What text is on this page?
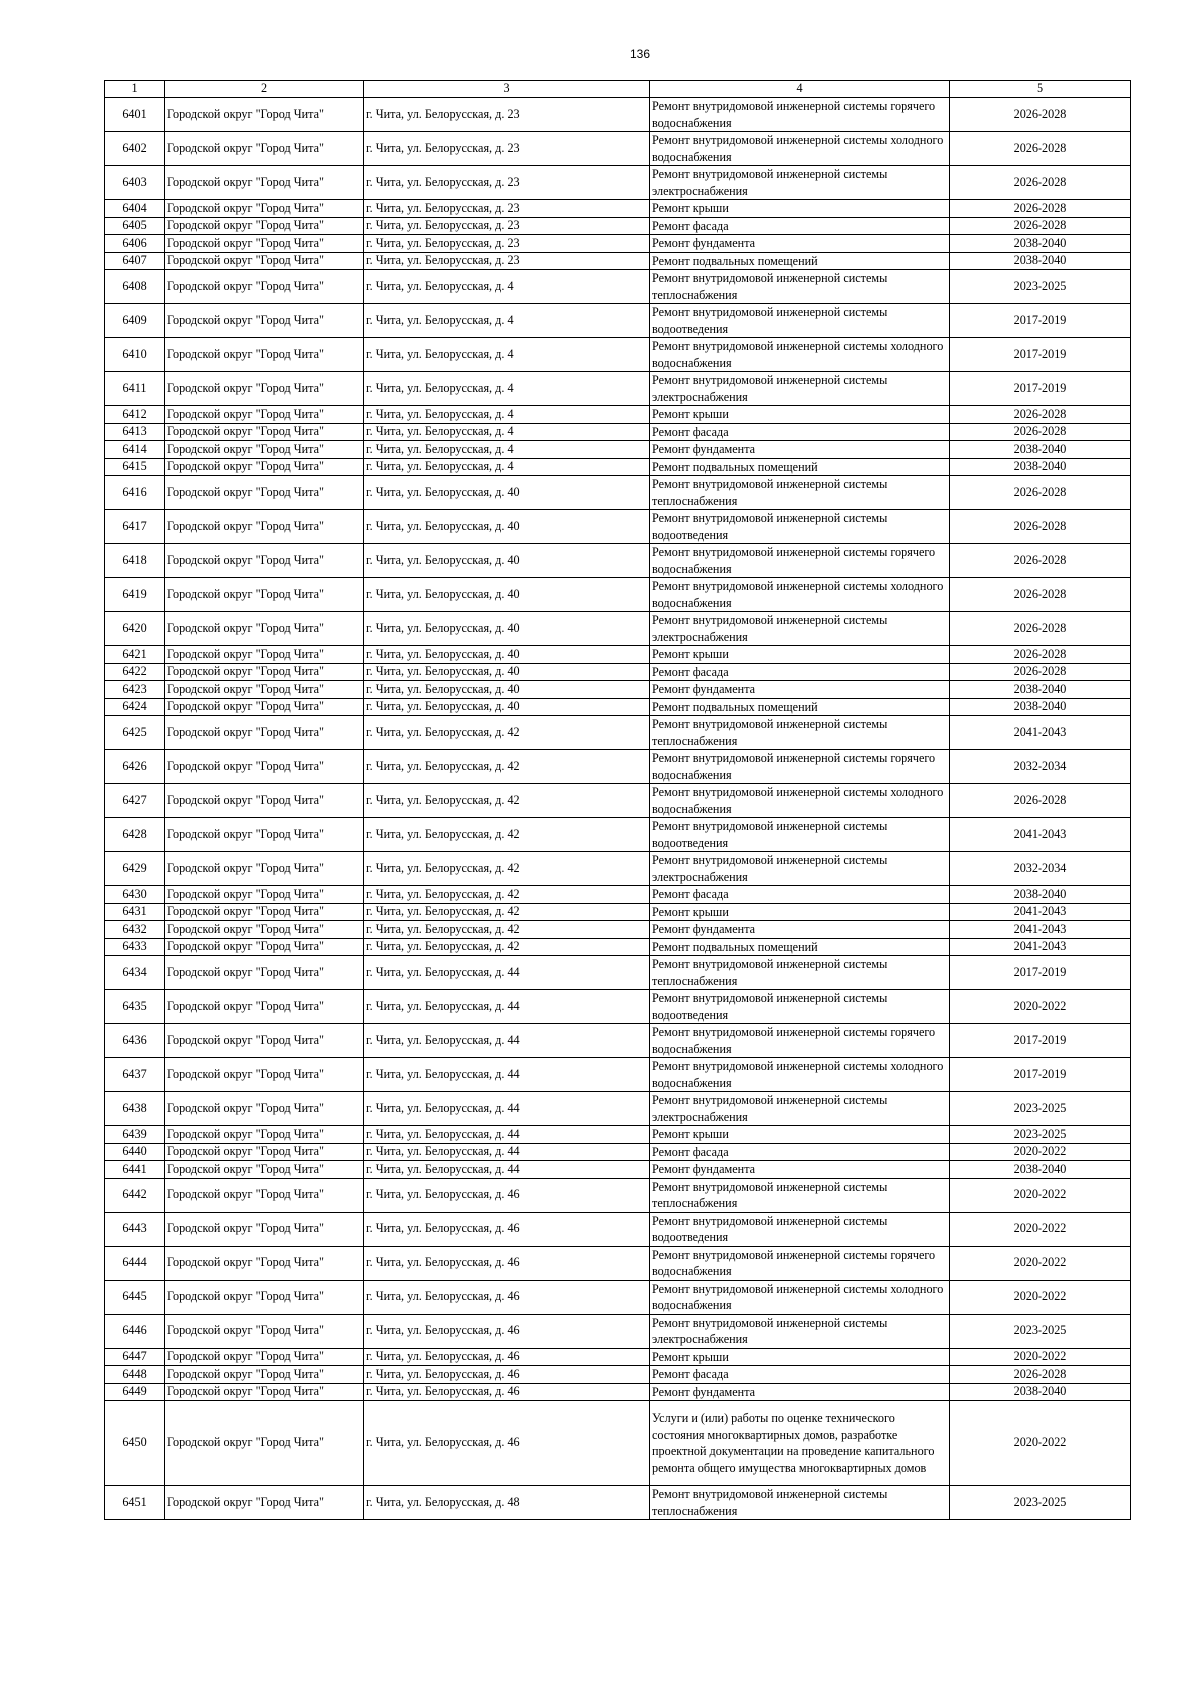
136
1	2	3	4	5
6401	Городской округ "Город Чита"	г. Чита, ул. Белорусская, д. 23	Ремонт внутридомовой инженерной системы горячего водоснабжения	2026-2028
6402	Городской округ "Город Чита"	г. Чита, ул. Белорусская, д. 23	Ремонт внутридомовой инженерной системы холодного водоснабжения	2026-2028
6403	Городской округ "Город Чита"	г. Чита, ул. Белорусская, д. 23	Ремонт внутридомовой инженерной системы электроснабжения	2026-2028
6404	Городской округ "Город Чита"	г. Чита, ул. Белорусская, д. 23	Ремонт крыши	2026-2028
6405	Городской округ "Город Чита"	г. Чита, ул. Белорусская, д. 23	Ремонт фасада	2026-2028
6406	Городской округ "Город Чита"	г. Чита, ул. Белорусская, д. 23	Ремонт фундамента	2038-2040
6407	Городской округ "Город Чита"	г. Чита, ул. Белорусская, д. 23	Ремонт подвальных помещений	2038-2040
6408	Городской округ "Город Чита"	г. Чита, ул. Белорусская, д. 4	Ремонт внутридомовой инженерной системы теплоснабжения	2023-2025
6409	Городской округ "Город Чита"	г. Чита, ул. Белорусская, д. 4	Ремонт внутридомовой инженерной системы водоотведения	2017-2019
6410	Городской округ "Город Чита"	г. Чита, ул. Белорусская, д. 4	Ремонт внутридомовой инженерной системы холодного водоснабжения	2017-2019
6411	Городской округ "Город Чита"	г. Чита, ул. Белорусская, д. 4	Ремонт внутридомовой инженерной системы электроснабжения	2017-2019
6412	Городской округ "Город Чита"	г. Чита, ул. Белорусская, д. 4	Ремонт крыши	2026-2028
6413	Городской округ "Город Чита"	г. Чита, ул. Белорусская, д. 4	Ремонт фасада	2026-2028
6414	Городской округ "Город Чита"	г. Чита, ул. Белорусская, д. 4	Ремонт фундамента	2038-2040
6415	Городской округ "Город Чита"	г. Чита, ул. Белорусская, д. 4	Ремонт подвальных помещений	2038-2040
6416	Городской округ "Город Чита"	г. Чита, ул. Белорусская, д. 40	Ремонт внутридомовой инженерной системы теплоснабжения	2026-2028
6417	Городской округ "Город Чита"	г. Чита, ул. Белорусская, д. 40	Ремонт внутридомовой инженерной системы водоотведения	2026-2028
6418	Городской округ "Город Чита"	г. Чита, ул. Белорусская, д. 40	Ремонт внутридомовой инженерной системы горячего водоснабжения	2026-2028
6419	Городской округ "Город Чита"	г. Чита, ул. Белорусская, д. 40	Ремонт внутридомовой инженерной системы холодного водоснабжения	2026-2028
6420	Городской округ "Город Чита"	г. Чита, ул. Белорусская, д. 40	Ремонт внутридомовой инженерной системы электроснабжения	2026-2028
6421	Городской округ "Город Чита"	г. Чита, ул. Белорусская, д. 40	Ремонт крыши	2026-2028
6422	Городской округ "Город Чита"	г. Чита, ул. Белорусская, д. 40	Ремонт фасада	2026-2028
6423	Городской округ "Город Чита"	г. Чита, ул. Белорусская, д. 40	Ремонт фундамента	2038-2040
6424	Городской округ "Город Чита"	г. Чита, ул. Белорусская, д. 40	Ремонт подвальных помещений	2038-2040
6425	Городской округ "Город Чита"	г. Чита, ул. Белорусская, д. 42	Ремонт внутридомовой инженерной системы теплоснабжения	2041-2043
6426	Городской округ "Город Чита"	г. Чита, ул. Белорусская, д. 42	Ремонт внутридомовой инженерной системы горячего водоснабжения	2032-2034
6427	Городской округ "Город Чита"	г. Чита, ул. Белорусская, д. 42	Ремонт внутридомовой инженерной системы холодного водоснабжения	2026-2028
6428	Городской округ "Город Чита"	г. Чита, ул. Белорусская, д. 42	Ремонт внутридомовой инженерной системы водоотведения	2041-2043
6429	Городской округ "Город Чита"	г. Чита, ул. Белорусская, д. 42	Ремонт внутридомовой инженерной системы электроснабжения	2032-2034
6430	Городской округ "Город Чита"	г. Чита, ул. Белорусская, д. 42	Ремонт фасада	2038-2040
6431	Городской округ "Город Чита"	г. Чита, ул. Белорусская, д. 42	Ремонт крыши	2041-2043
6432	Городской округ "Город Чита"	г. Чита, ул. Белорусская, д. 42	Ремонт фундамента	2041-2043
6433	Городской округ "Город Чита"	г. Чита, ул. Белорусская, д. 42	Ремонт подвальных помещений	2041-2043
6434	Городской округ "Город Чита"	г. Чита, ул. Белорусская, д. 44	Ремонт внутридомовой инженерной системы теплоснабжения	2017-2019
6435	Городской округ "Город Чита"	г. Чита, ул. Белорусская, д. 44	Ремонт внутридомовой инженерной системы водоотведения	2020-2022
6436	Городской округ "Город Чита"	г. Чита, ул. Белорусская, д. 44	Ремонт внутридомовой инженерной системы горячего водоснабжения	2017-2019
6437	Городской округ "Город Чита"	г. Чита, ул. Белорусская, д. 44	Ремонт внутридомовой инженерной системы холодного водоснабжения	2017-2019
6438	Городской округ "Город Чита"	г. Чита, ул. Белорусская, д. 44	Ремонт внутридомовой инженерной системы электроснабжения	2023-2025
6439	Городской округ "Город Чита"	г. Чита, ул. Белорусская, д. 44	Ремонт крыши	2023-2025
6440	Городской округ "Город Чита"	г. Чита, ул. Белорусская, д. 44	Ремонт фасада	2020-2022
6441	Городской округ "Город Чита"	г. Чита, ул. Белорусская, д. 44	Ремонт фундамента	2038-2040
6442	Городской округ "Город Чита"	г. Чита, ул. Белорусская, д. 46	Ремонт внутридомовой инженерной системы теплоснабжения	2020-2022
6443	Городской округ "Город Чита"	г. Чита, ул. Белорусская, д. 46	Ремонт внутридомовой инженерной системы водоотведения	2020-2022
6444	Городской округ "Город Чита"	г. Чита, ул. Белорусская, д. 46	Ремонт внутридомовой инженерной системы горячего водоснабжения	2020-2022
6445	Городской округ "Город Чита"	г. Чита, ул. Белорусская, д. 46	Ремонт внутридомовой инженерной системы холодного водоснабжения	2020-2022
6446	Городской округ "Город Чита"	г. Чита, ул. Белорусская, д. 46	Ремонт внутридомовой инженерной системы электроснабжения	2023-2025
6447	Городской округ "Город Чита"	г. Чита, ул. Белорусская, д. 46	Ремонт крыши	2020-2022
6448	Городской округ "Город Чита"	г. Чита, ул. Белорусская, д. 46	Ремонт фасада	2026-2028
6449	Городской округ "Город Чита"	г. Чита, ул. Белорусская, д. 46	Ремонт фундамента	2038-2040
6450	Городской округ "Город Чита"	г. Чита, ул. Белорусская, д. 46	Услуги и (или) работы по оценке технического состояния многоквартирных домов, разработке проектной документации на проведение капитального ремонта общего имущества многоквартирных домов	2020-2022
6451	Городской округ "Город Чита"	г. Чита, ул. Белорусская, д. 48	Ремонт внутридомовой инженерной системы теплоснабжения	2023-2025
